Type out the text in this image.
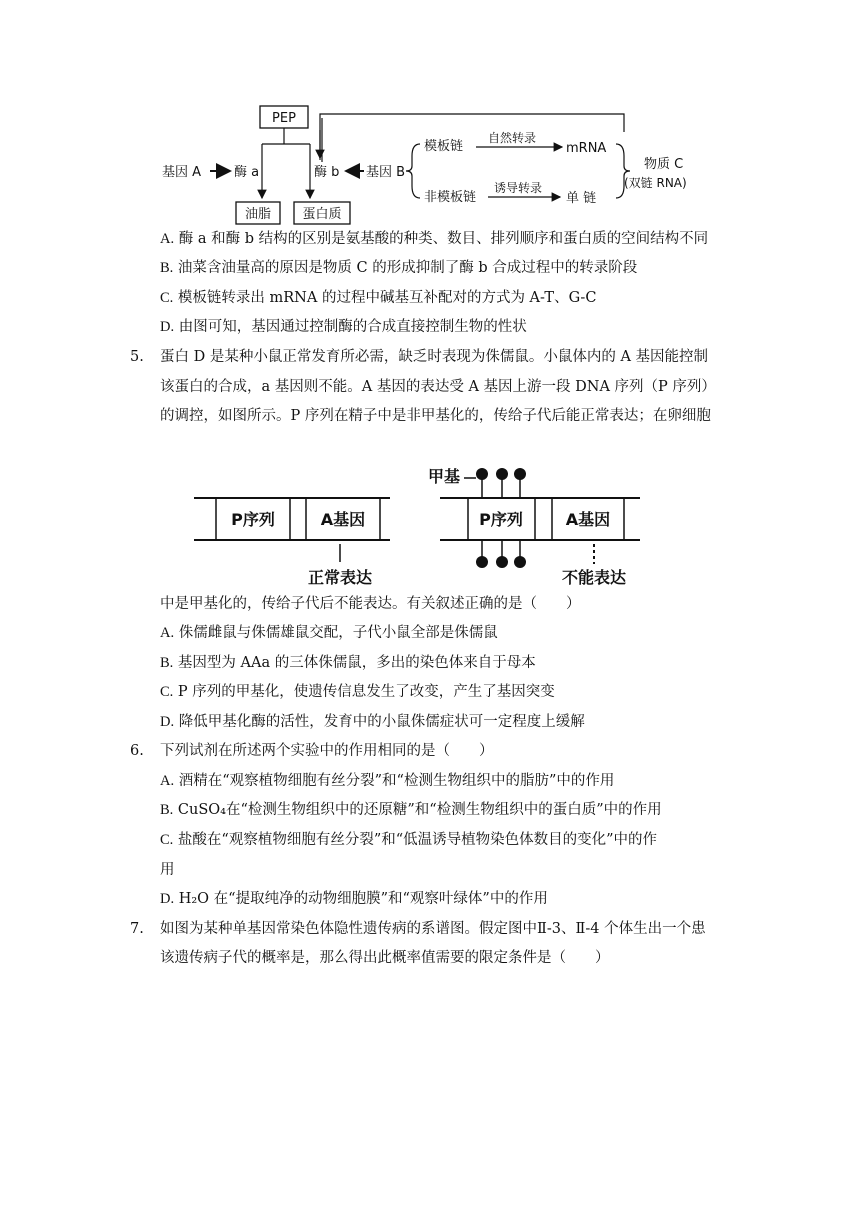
PEP
基因 A	酶 a	酶 b 基因 B
模板链
自然转录
mRNA
非模板链
诱导转录
单 链
物质 C
(双链 RNA)
油脂 蛋白质
A. 酶 a 和酶 b 结构的区别是氨基酸的种类、数目、排列顺序和蛋白质的空间结构不同
B. 油菜含油量高的原因是物质 C 的形成抑制了酶 b 合成过程中的转录阶段
C. 模板链转录出 mRNA 的过程中碱基互补配对的方式为 A-T、G-C
D. 由图可知，基因通过控制酶的合成直接控制生物的性状
5. 蛋白 D 是某种小鼠正常发育所必需，缺乏时表现为侏儒鼠。小鼠体内的 A 基因能控制
该蛋白的合成，a 基因则不能。A 基因的表达受 A 基因上游一段 DNA 序列（P 序列）
的调控，如图所示。P 序列在精子中是非甲基化的，传给子代后能正常表达；在卵细胞
P序列	A基因
正常表达
P序列	A基因
甲基
不能表达
中是甲基化的，传给子代后不能表达。有关叙述正确的是（　　）
A. 侏儒雌鼠与侏儒雄鼠交配，子代小鼠全部是侏儒鼠
B. 基因型为 AAa 的三体侏儒鼠，多出的染色体来自于母本
C. P 序列的甲基化，使遗传信息发生了改变，产生了基因突变
D. 降低甲基化酶的活性，发育中的小鼠侏儒症状可一定程度上缓解
6. 下列试剂在所述两个实验中的作用相同的是（　　）
A. 酒精在“观察植物细胞有丝分裂”和“检测生物组织中的脂肪”中的作用
B. CuSO₄在“检测生物组织中的还原糖”和“检测生物组织中的蛋白质”中的作用
C. 盐酸在“观察植物细胞有丝分裂”和“低温诱导植物染色体数目的变化”中的作
用
D. H₂O 在“提取纯净的动物细胞膜”和“观察叶绿体”中的作用
7. 如图为某种单基因常染色体隐性遗传病的系谱图。假定图中Ⅱ-3、Ⅱ-4 个体生出一个患
该遗传病子代的概率是，那么得出此概率值需要的限定条件是（　　）
